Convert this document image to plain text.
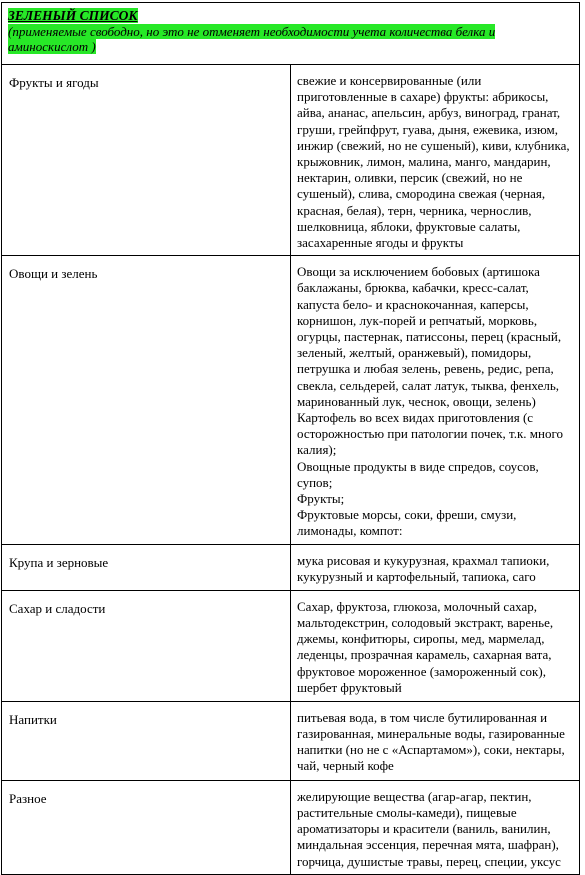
ЗЕЛЕНЫЙ СПИСОК
(применяемые свободно, но это не отменяет необходимости учета количества белка и
аминоскислот )	

Фрукты и ягоды	свежие и консервированные (или приготовленные в сахаре) фрукты: абрикосы, айва, ананас, апельсин, арбуз, виноград, гранат, груши, грейпфрут, гуава, дыня, ежевика, изюм, инжир (свежий, но не сушеный), киви, клубника, крыжовник, лимон, малина, манго, мандарин, нектарин, оливки, персик (свежий, но не сушеный), слива, смородина свежая (черная, красная, белая), терн, черника, чернослив, шелковница, яблоки, фруктовые салаты, засахаренные ягоды и фрукты
Овощи и зелень	Овощи за исключением бобовых (артишока баклажаны, брюква, кабачки, кресс-салат, капуста бело- и краснокочанная, каперсы, корнишон, лук-порей и репчатый, морковь, огурцы, пастернак, патиссоны, перец (красный, зеленый, желтый, оранжевый), помидоры, петрушка и любая зелень, ревень, редис, репа, свекла, сельдерей, салат латук, тыква, фенхель, маринованный лук, чеснок, овощи, зелень)
Картофель во всех видах приготовления (с осторожностью при патологии почек, т.к. много калия);
Овощные продукты в виде спредов, соусов, супов;
Фрукты;
Фруктовые морсы, соки, фреши, смузи, лимонады, компот:

Крупа и зерновые	мука рисовая и кукурузная, крахмал тапиоки, кукурузный и картофельный, тапиока, саго
Сахар и сладости	Сахар, фруктоза, глюкоза, молочный сахар, мальтодекстрин, солодовый экстракт, варенье, джемы, конфитюры, сиропы, мед, мармелад, леденцы, прозрачная карамель, сахарная вата, фруктовое мороженное (замороженный сок), шербет фруктовый
Напитки	питьевая вода, в том числе бутилированная и газированная, минеральные воды, газированные напитки (но не с «Аспартамом»), соки, нектары, чай, черный кофе
Разное	желирующие вещества (агар-агар, пектин, растительные смолы-камеди), пищевые ароматизаторы и красители (ваниль, ванилин, миндальная эссенция, перечная мята, шафран), горчица, душистые травы, перец, специи, уксус
